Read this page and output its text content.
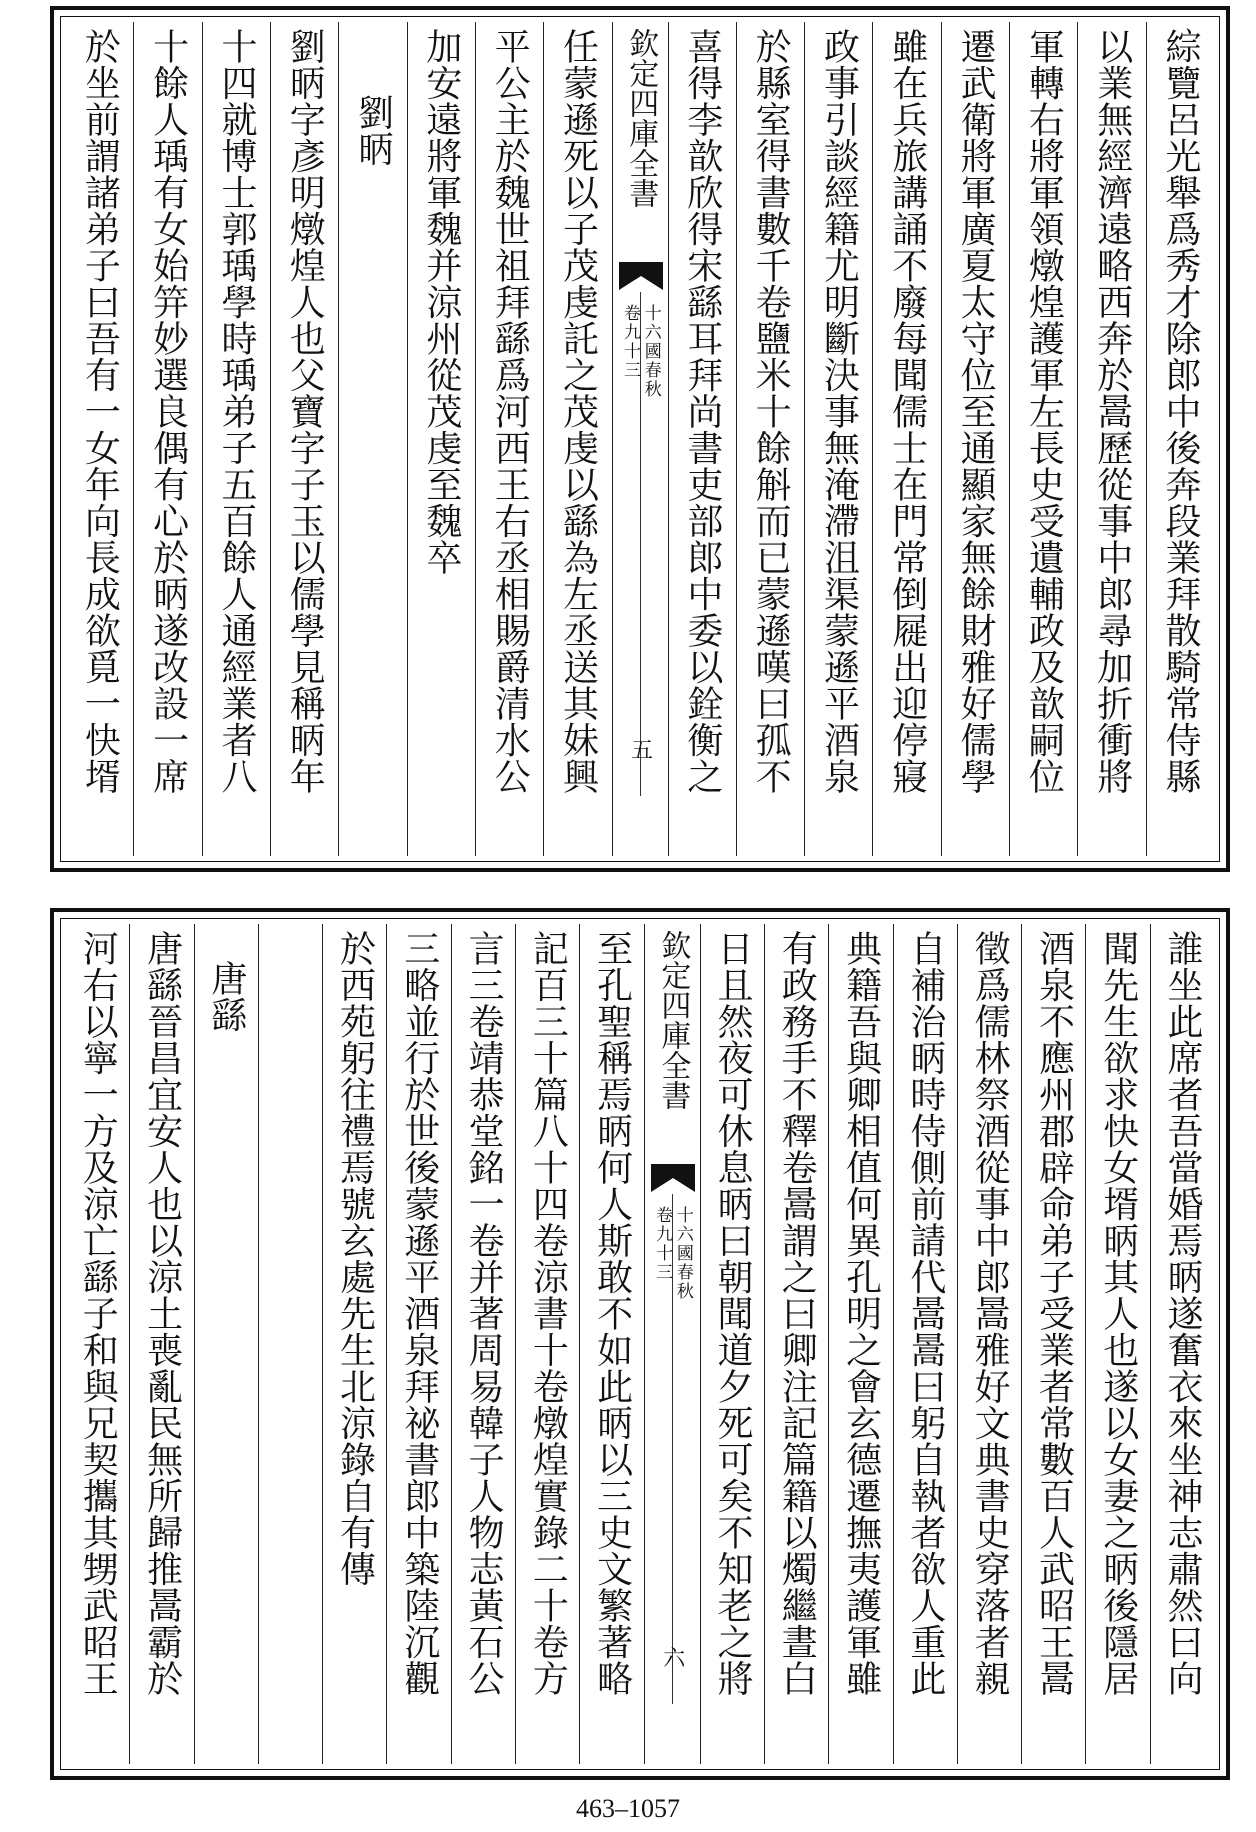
綜覽呂光舉爲秀才除郎中後奔段業拜散騎常侍縣
以業無經濟遠略西奔於暠歷從事中郎尋加折衝將
軍轉右將軍領燉煌護軍左長史受遺輔政及歆嗣位
遷武衛將軍廣夏太守位至通顯家無餘財雅好儒學
雖在兵旅講誦不廢每聞儒士在門常倒屣出迎停寢
政事引談經籍尤明斷決事無淹滯沮渠蒙遜平酒泉
於縣室得書數千卷鹽米十餘斛而已蒙遜嘆曰孤不
喜得李歆欣得宋繇耳拜尚書吏部郎中委以銓衡之
欽定四庫全書
卷九十三 十六國春秋
五
任蒙遜死以子茂虔託之茂虔以繇為左丞送其妹興
平公主於魏世祖拜繇爲河西王右丞相賜爵清水公
加安遠將軍魏并涼州從茂虔至魏卒
劉昞
劉昞字彥明燉煌人也父寶字子玉以儒學見稱昞年
十四就博士郭瑀學時瑀弟子五百餘人通經業者八
十餘人瑀有女始笄妙選良偶有心於昞遂改設一席
於坐前謂諸弟子曰吾有一女年向長成欲覓一快壻
誰坐此席者吾當婚焉昞遂奮衣來坐神志肅然曰向
聞先生欲求快女壻昞其人也遂以女妻之昞後隱居
酒泉不應州郡辟命弟子受業者常數百人武昭王暠
徵爲儒林祭酒從事中郎暠雅好文典書史穿落者親
自補治昞時侍側前請代暠暠曰躬自執者欲人重此
典籍吾與卿相值何異孔明之會玄德遷撫夷護軍雖
有政務手不釋卷暠謂之曰卿注記篇籍以燭繼晝白
日且然夜可休息昞曰朝聞道夕死可矣不知老之將
欽定四庫全書
卷九十三 十六國春秋
六
至孔聖稱焉昞何人斯敢不如此昞以三史文繁著略
記百三十篇八十四卷涼書十卷燉煌實錄二十卷方
言三卷靖恭堂銘一卷并著周易韓子人物志黃石公
三略並行於世後蒙遜平酒泉拜祕書郎中築陸沉觀
於西苑躬往禮焉號玄處先生北涼錄自有傳
唐繇
唐繇晉昌宜安人也以涼土喪亂民無所歸推暠霸於
河右以寧一方及涼亡繇子和與兄契攜其甥武昭王
463–1057
